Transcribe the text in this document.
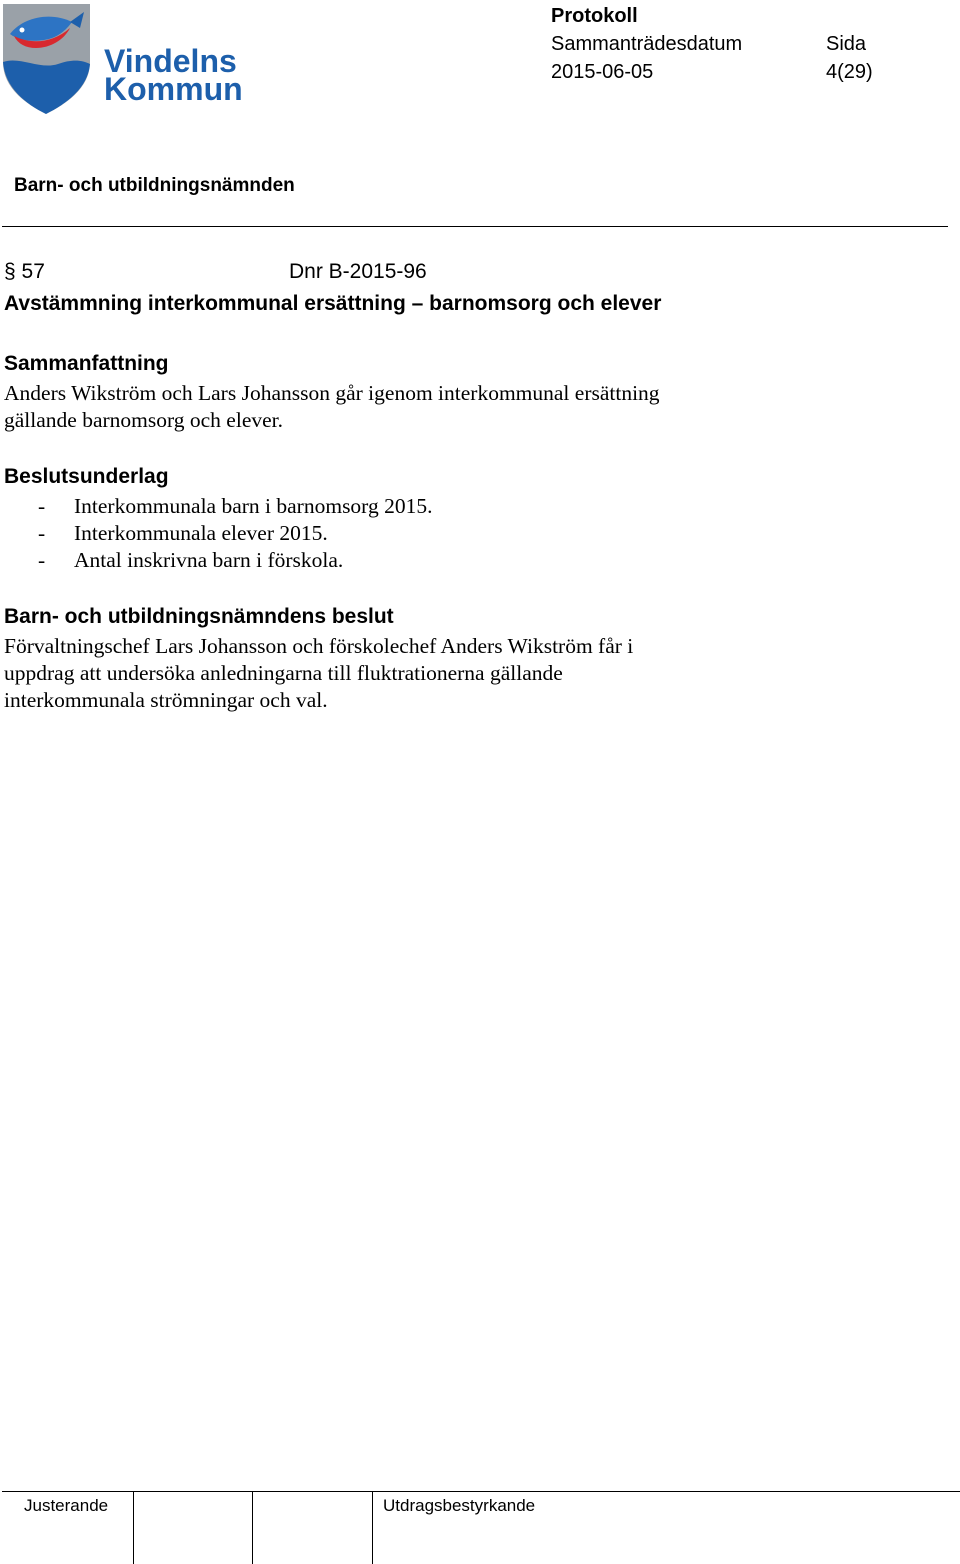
Vindelns
Kommun
Protokoll
Sammanträdesdatum
2015-06-05
Sida
4(29)
Barn- och utbildningsnämnden
§ 57	Dnr B-2015-96
Avstämmning interkommunal ersättning – barnomsorg och elever
Sammanfattning
Anders Wikström och Lars Johansson går igenom interkommunal ersättning
gällande barnomsorg och elever.
Beslutsunderlag
- Interkommunala barn i barnomsorg 2015.
- Interkommunala elever 2015.
- Antal inskrivna barn i förskola.
Barn- och utbildningsnämndens beslut
Förvaltningschef Lars Johansson och förskolechef Anders Wikström får i
uppdrag att undersöka anledningarna till fluktrationerna gällande
interkommunala strömningar och val.
Justerande	Utdragsbestyrkande
